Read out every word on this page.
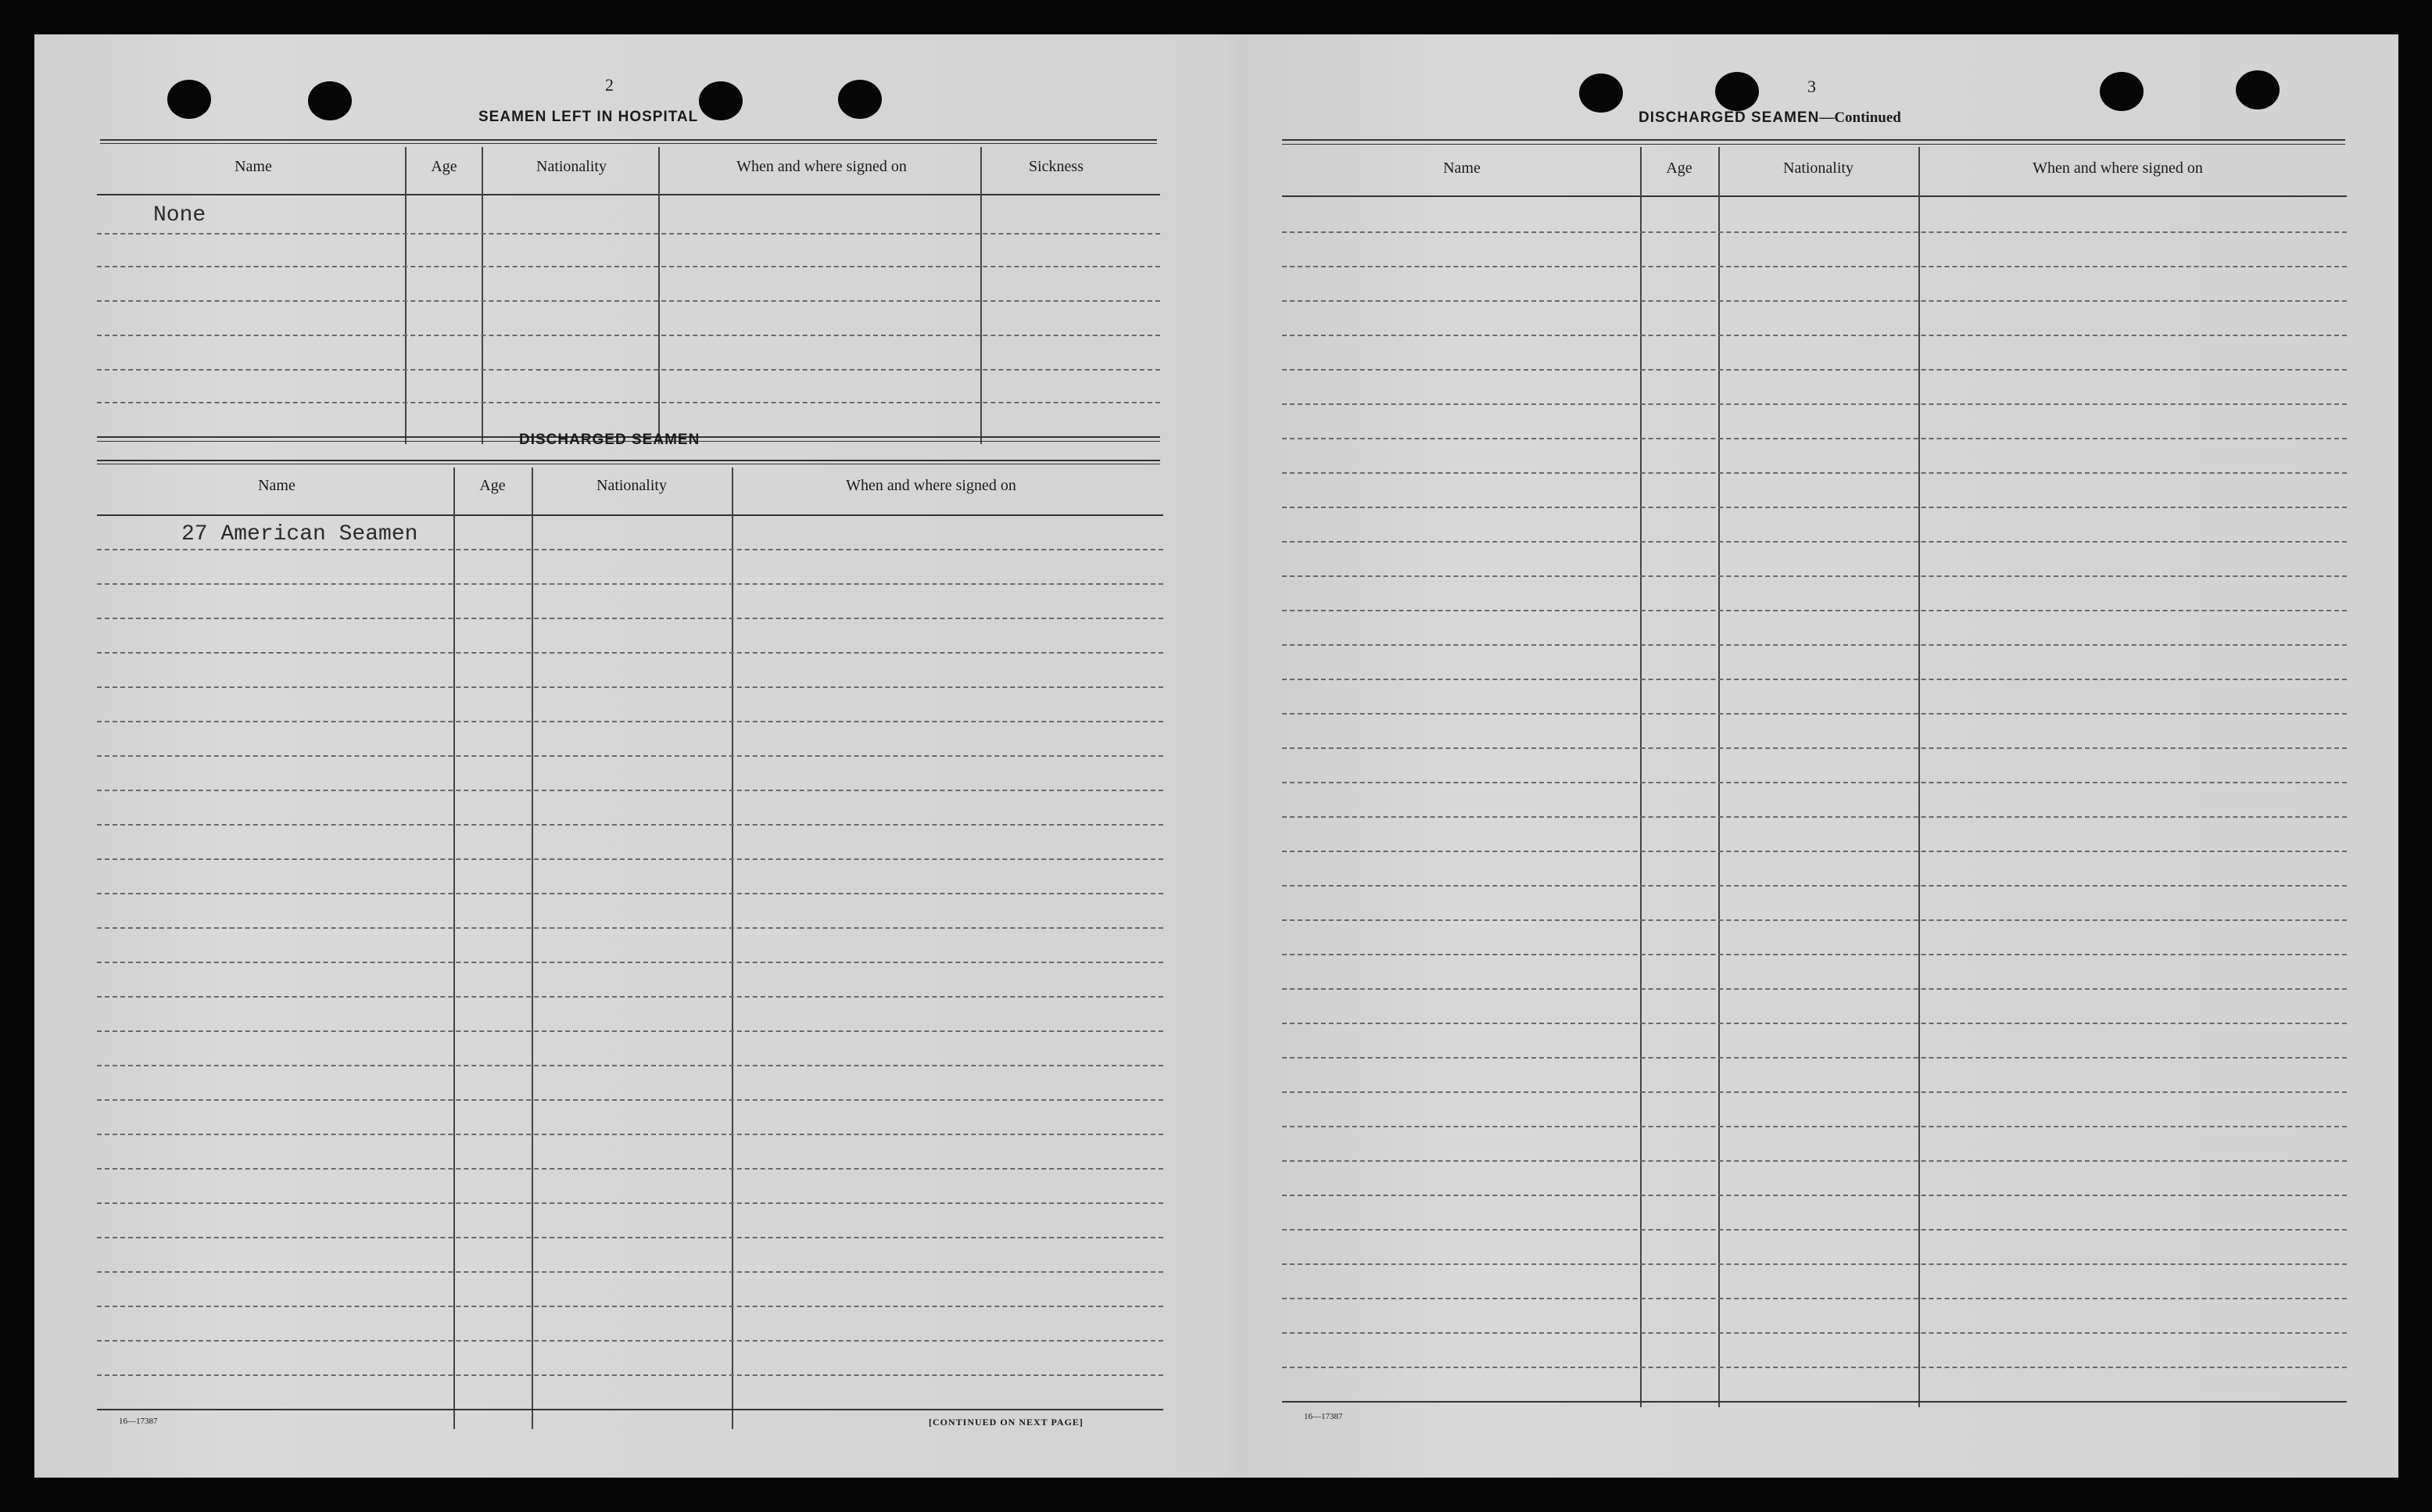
2
SEAMEN LEFT IN HOSPITAL
Name	Age	Nationality	When and where signed on	Sickness
None
DISCHARGED SEAMEN
Name	Age	Nationality	When and where signed on
27 American Seamen
16—17387	[CONTINUED ON NEXT PAGE]
3
DISCHARGED SEAMEN—Continued
Name	Age	Nationality	When and where signed on
16—17387
